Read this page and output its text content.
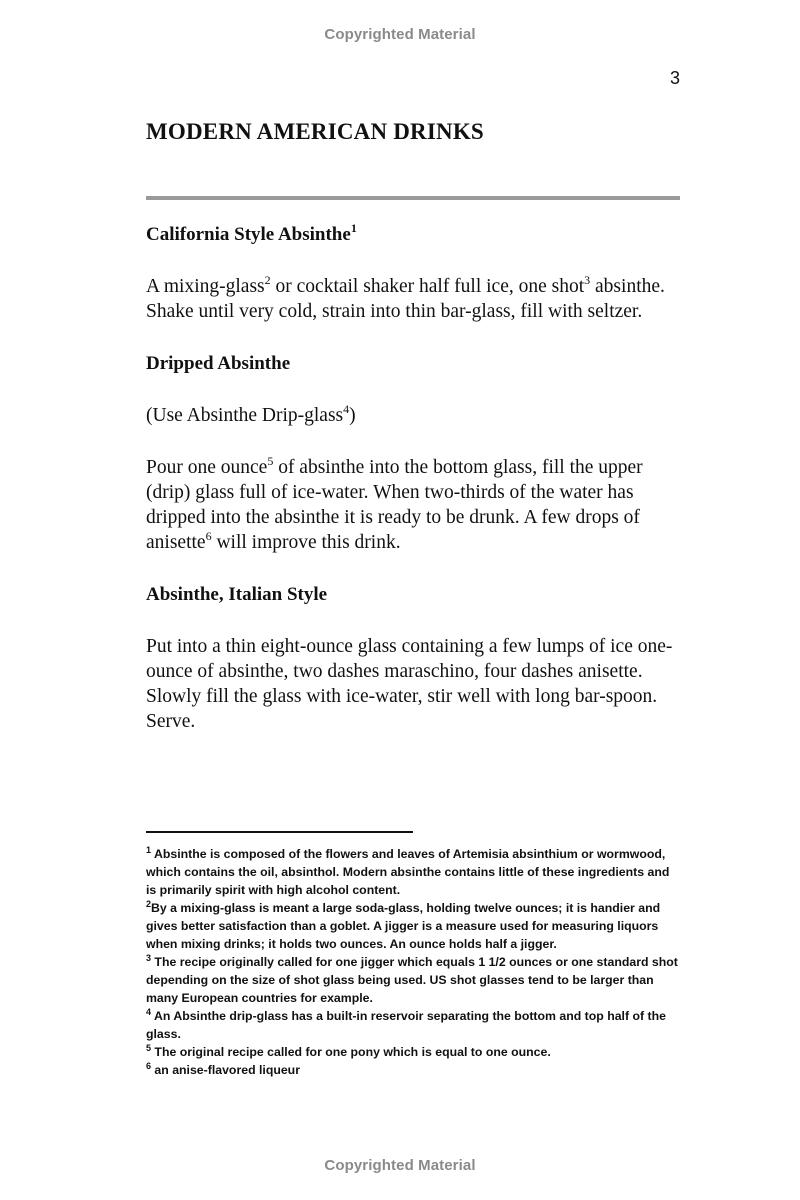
Copyrighted Material
3
MODERN AMERICAN DRINKS
California Style Absinthe$^1$

A mixing-glass$^2$ or cocktail shaker half full ice, one shot$^3$ absinthe. Shake until very cold, strain into thin bar-glass, fill with seltzer.

Dripped Absinthe

(Use Absinthe Drip-glass$^4$)

Pour one ounce$^5$ of absinthe into the bottom glass, fill the upper (drip) glass full of ice-water. When two-thirds of the water has dripped into the absinthe it is ready to be drunk. A few drops of anisette$^6$ will improve this drink.

Absinthe, Italian Style

Put into a thin eight-ounce glass containing a few lumps of ice one-ounce of absinthe, two dashes maraschino, four dashes anisette. Slowly fill the glass with ice-water, stir well with long bar-spoon. Serve.

$^1$ Absinthe is composed of the flowers and leaves of Artemisia absinthium or wormwood, which contains the oil, absinthol. Modern absinthe contains little of these ingredients and is primarily spirit with high alcohol content.

$^2$By a mixing-glass is meant a large soda-glass, holding twelve ounces; it is handier and gives better satisfaction than a goblet. A jigger is a measure used for measuring liquors when mixing drinks; it holds two ounces. An ounce holds half a jigger.

$^3$ The recipe originally called for one jigger which equals 1 1/2 ounces or one standard shot depending on the size of shot glass being used. US shot glasses tend to be larger than many European countries for example.

$^4$ An Absinthe drip-glass has a built-in reservoir separating the bottom and top half of the glass.

$^5$ The original recipe called for one pony which is equal to one ounce.

$^6$ an anise-flavored liqueur

Copyrighted Material
